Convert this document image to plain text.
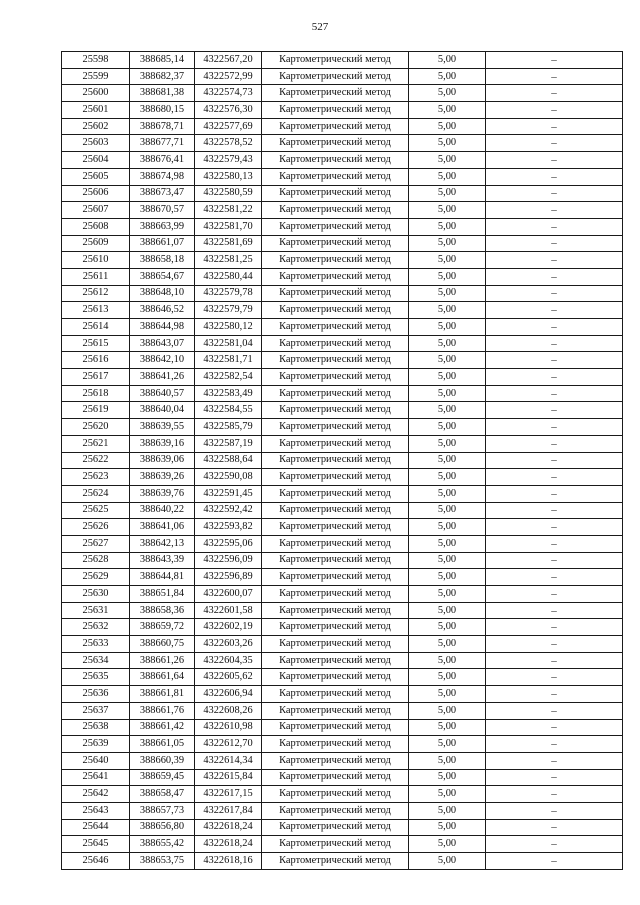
527
25598	388685,14	4322567,20	Картометрический метод	5,00	–
25599	388682,37	4322572,99	Картометрический метод	5,00	–
25600	388681,38	4322574,73	Картометрический метод	5,00	–
25601	388680,15	4322576,30	Картометрический метод	5,00	–
25602	388678,71	4322577,69	Картометрический метод	5,00	–
25603	388677,71	4322578,52	Картометрический метод	5,00	–
25604	388676,41	4322579,43	Картометрический метод	5,00	–
25605	388674,98	4322580,13	Картометрический метод	5,00	–
25606	388673,47	4322580,59	Картометрический метод	5,00	–
25607	388670,57	4322581,22	Картометрический метод	5,00	–
25608	388663,99	4322581,70	Картометрический метод	5,00	–
25609	388661,07	4322581,69	Картометрический метод	5,00	–
25610	388658,18	4322581,25	Картометрический метод	5,00	–
25611	388654,67	4322580,44	Картометрический метод	5,00	–
25612	388648,10	4322579,78	Картометрический метод	5,00	–
25613	388646,52	4322579,79	Картометрический метод	5,00	–
25614	388644,98	4322580,12	Картометрический метод	5,00	–
25615	388643,07	4322581,04	Картометрический метод	5,00	–
25616	388642,10	4322581,71	Картометрический метод	5,00	–
25617	388641,26	4322582,54	Картометрический метод	5,00	–
25618	388640,57	4322583,49	Картометрический метод	5,00	–
25619	388640,04	4322584,55	Картометрический метод	5,00	–
25620	388639,55	4322585,79	Картометрический метод	5,00	–
25621	388639,16	4322587,19	Картометрический метод	5,00	–
25622	388639,06	4322588,64	Картометрический метод	5,00	–
25623	388639,26	4322590,08	Картометрический метод	5,00	–
25624	388639,76	4322591,45	Картометрический метод	5,00	–
25625	388640,22	4322592,42	Картометрический метод	5,00	–
25626	388641,06	4322593,82	Картометрический метод	5,00	–
25627	388642,13	4322595,06	Картометрический метод	5,00	–
25628	388643,39	4322596,09	Картометрический метод	5,00	–
25629	388644,81	4322596,89	Картометрический метод	5,00	–
25630	388651,84	4322600,07	Картометрический метод	5,00	–
25631	388658,36	4322601,58	Картометрический метод	5,00	–
25632	388659,72	4322602,19	Картометрический метод	5,00	–
25633	388660,75	4322603,26	Картометрический метод	5,00	–
25634	388661,26	4322604,35	Картометрический метод	5,00	–
25635	388661,64	4322605,62	Картометрический метод	5,00	–
25636	388661,81	4322606,94	Картометрический метод	5,00	–
25637	388661,76	4322608,26	Картометрический метод	5,00	–
25638	388661,42	4322610,98	Картометрический метод	5,00	–
25639	388661,05	4322612,70	Картометрический метод	5,00	–
25640	388660,39	4322614,34	Картометрический метод	5,00	–
25641	388659,45	4322615,84	Картометрический метод	5,00	–
25642	388658,47	4322617,15	Картометрический метод	5,00	–
25643	388657,73	4322617,84	Картометрический метод	5,00	–
25644	388656,80	4322618,24	Картометрический метод	5,00	–
25645	388655,42	4322618,24	Картометрический метод	5,00	–
25646	388653,75	4322618,16	Картометрический метод	5,00	–
